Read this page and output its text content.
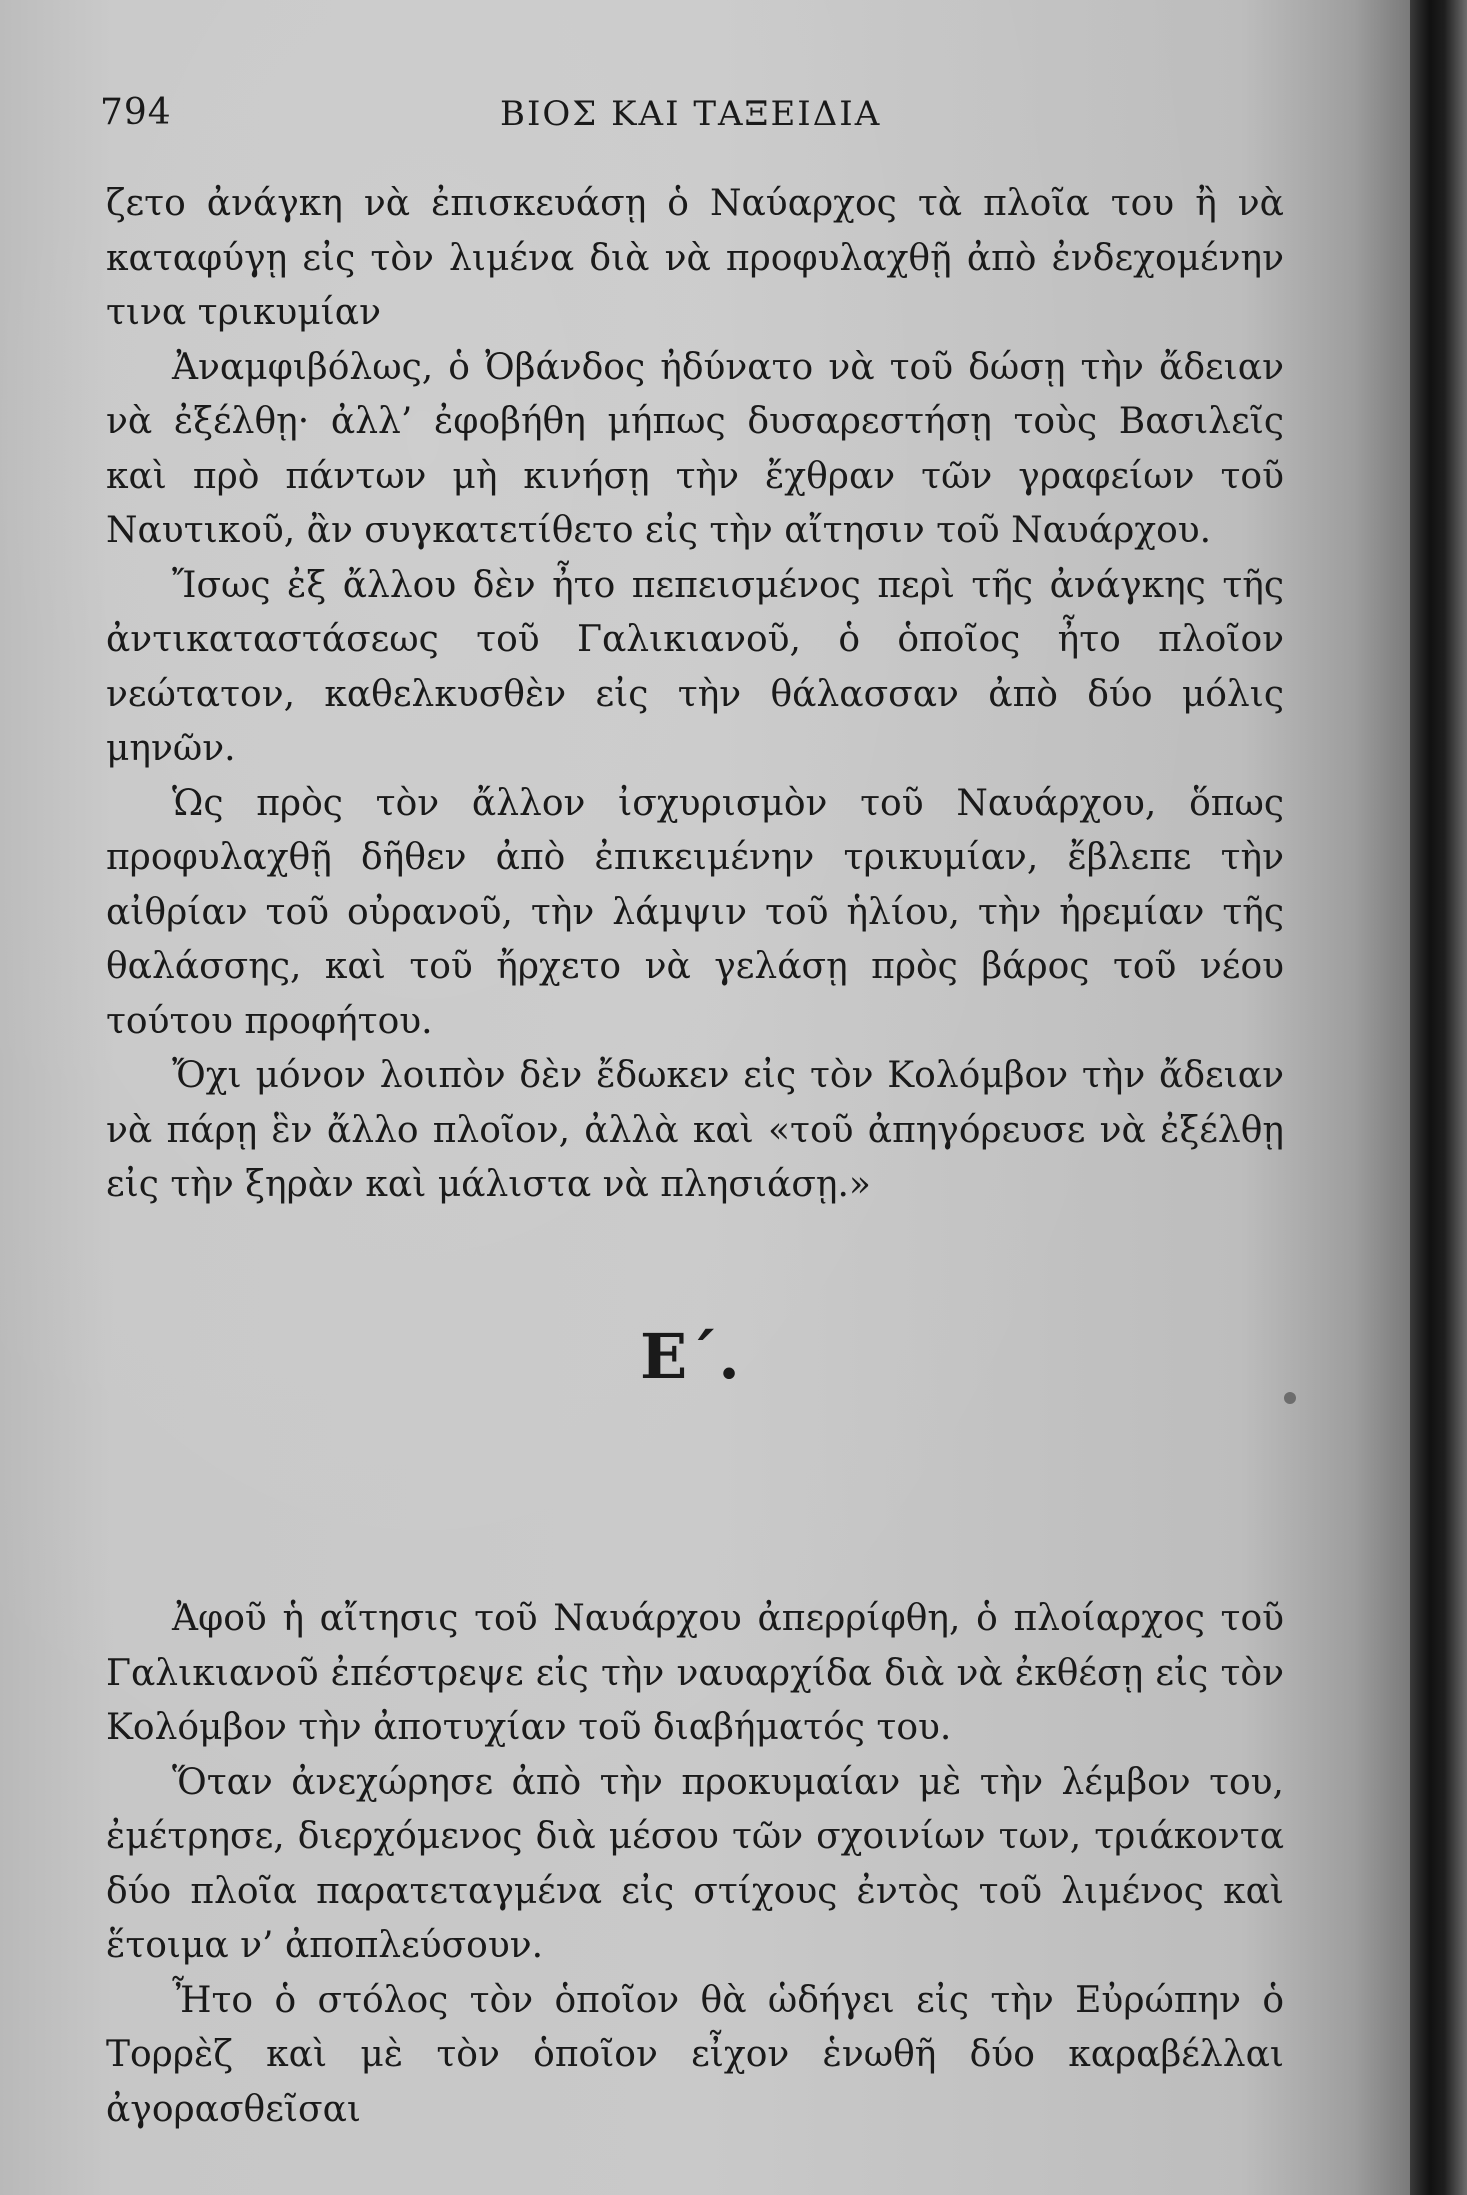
794	ΒΙΟΣ ΚΑΙ ΤΑΞΕΙΔΙΑ

ζετο ἀνάγκη νὰ ἐπισκευάσῃ ὁ Ναύαρχος τὰ πλοῖα του ἢ νὰ καταφύγῃ εἰς τὸν λιμένα διὰ νὰ προφυλαχθῇ ἀπὸ ἐνδεχομένην τινα τρικυμίαν

Ἀναμφιβόλως, ὁ Ὀβάνδος ἠδύνατο νὰ τοῦ δώσῃ τὴν ἄδειαν νὰ ἐξέλθῃ· ἀλλ’ ἐφοβήθη μήπως δυσαρεστήσῃ τοὺς Βασιλεῖς καὶ πρὸ πάντων μὴ κινήσῃ τὴν ἔχθραν τῶν γραφείων τοῦ Ναυτικοῦ, ἂν συγκατετίθετο εἰς τὴν αἴτησιν τοῦ Ναυάρχου.

Ἴσως ἐξ ἄλλου δὲν ἦτο πεπεισμένος περὶ τῆς ἀνάγκης τῆς ἀντικαταστάσεως τοῦ Γαλικιανοῦ, ὁ ὁποῖος ἦτο πλοῖον νεώτατον, καθελκυσθὲν εἰς τὴν θάλασσαν ἀπὸ δύο μόλις μηνῶν.

Ὡς πρὸς τὸν ἄλλον ἰσχυρισμὸν τοῦ Ναυάρχου, ὅπως προφυλαχθῇ δῆθεν ἀπὸ ἐπικειμένην τρικυμίαν, ἔβλεπε τὴν αἰθρίαν τοῦ οὐρανοῦ, τὴν λάμψιν τοῦ ἡλίου, τὴν ἠρεμίαν τῆς θαλάσσης, καὶ τοῦ ἤρχετο νὰ γελάσῃ πρὸς βάρος τοῦ νέου τούτου προφήτου.

Ὄχι μόνον λοιπὸν δὲν ἔδωκεν εἰς τὸν Κολόμβον τὴν ἄδειαν νὰ πάρῃ ἓν ἄλλο πλοῖον, ἀλλὰ καὶ «τοῦ ἀπηγόρευσε νὰ ἐξέλθῃ εἰς τὴν ξηρὰν καὶ μάλιστα νὰ πλησιάσῃ.»

Ε΄.

Ἀφοῦ ἡ αἴτησις τοῦ Ναυάρχου ἀπερρίφθη, ὁ πλοίαρχος τοῦ Γαλικιανοῦ ἐπέστρεψε εἰς τὴν ναυαρχίδα διὰ νὰ ἐκθέσῃ εἰς τὸν Κολόμβον τὴν ἀποτυχίαν τοῦ διαβήματός του.

Ὅταν ἀνεχώρησε ἀπὸ τὴν προκυμαίαν μὲ τὴν λέμβον του, ἐμέτρησε, διερχόμενος διὰ μέσου τῶν σχοινίων των, τριάκοντα δύο πλοῖα παρατεταγμένα εἰς στίχους ἐντὸς τοῦ λιμένος καὶ ἕτοιμα ν’ ἀποπλεύσουν.

Ἦτο ὁ στόλος τὸν ὁποῖον θὰ ὡδήγει εἰς τὴν Εὐρώπην ὁ Τορρὲζ καὶ μὲ τὸν ὁποῖον εἶχον ἑνωθῆ δύο καραβέλλαι ἀγορασθεῖσαι
